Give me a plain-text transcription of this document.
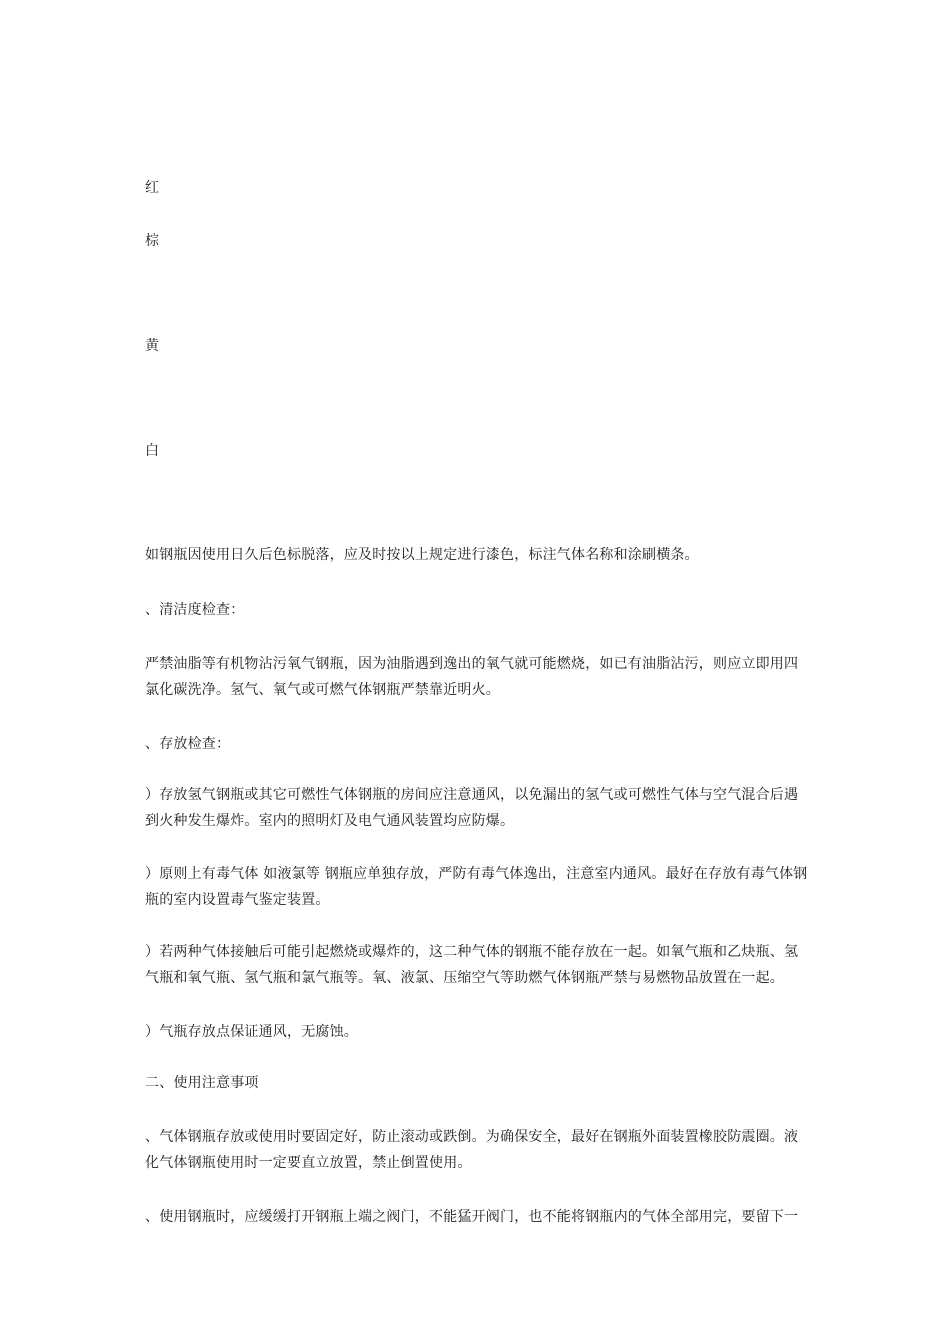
红
棕
黄
白

如钢瓶因使用日久后色标脱落，应及时按以上规定进行漆色，标注气体名称和涂刷横条。

、清洁度检查：

严禁油脂等有机物沾污氧气钢瓶，因为油脂遇到逸出的氧气就可能燃烧，如已有油脂沾污，则应立即用四氯化碳洗净。氢气、氧气或可燃气体钢瓶严禁靠近明火。

、存放检查：

）存放氢气钢瓶或其它可燃性气体钢瓶的房间应注意通风，以免漏出的氢气或可燃性气体与空气混合后遇到火种发生爆炸。室内的照明灯及电气通风装置均应防爆。

）原则上有毒气体 如液氯等 钢瓶应单独存放，严防有毒气体逸出，注意室内通风。最好在存放有毒气体钢瓶的室内设置毒气鉴定装置。

）若两种气体接触后可能引起燃烧或爆炸的，这二种气体的钢瓶不能存放在一起。如氧气瓶和乙炔瓶、氢气瓶和氧气瓶、氢气瓶和氯气瓶等。氧、液氯、压缩空气等助燃气体钢瓶严禁与易燃物品放置在一起。

）气瓶存放点保证通风，无腐蚀。

二、使用注意事项

、气体钢瓶存放或使用时要固定好，防止滚动或跌倒。为确保安全，最好在钢瓶外面装置橡胶防震圈。液化气体钢瓶使用时一定要直立放置，禁止倒置使用。

、使用钢瓶时，应缓缓打开钢瓶上端之阀门，不能猛开阀门，也不能将钢瓶内的气体全部用完，要留下一
